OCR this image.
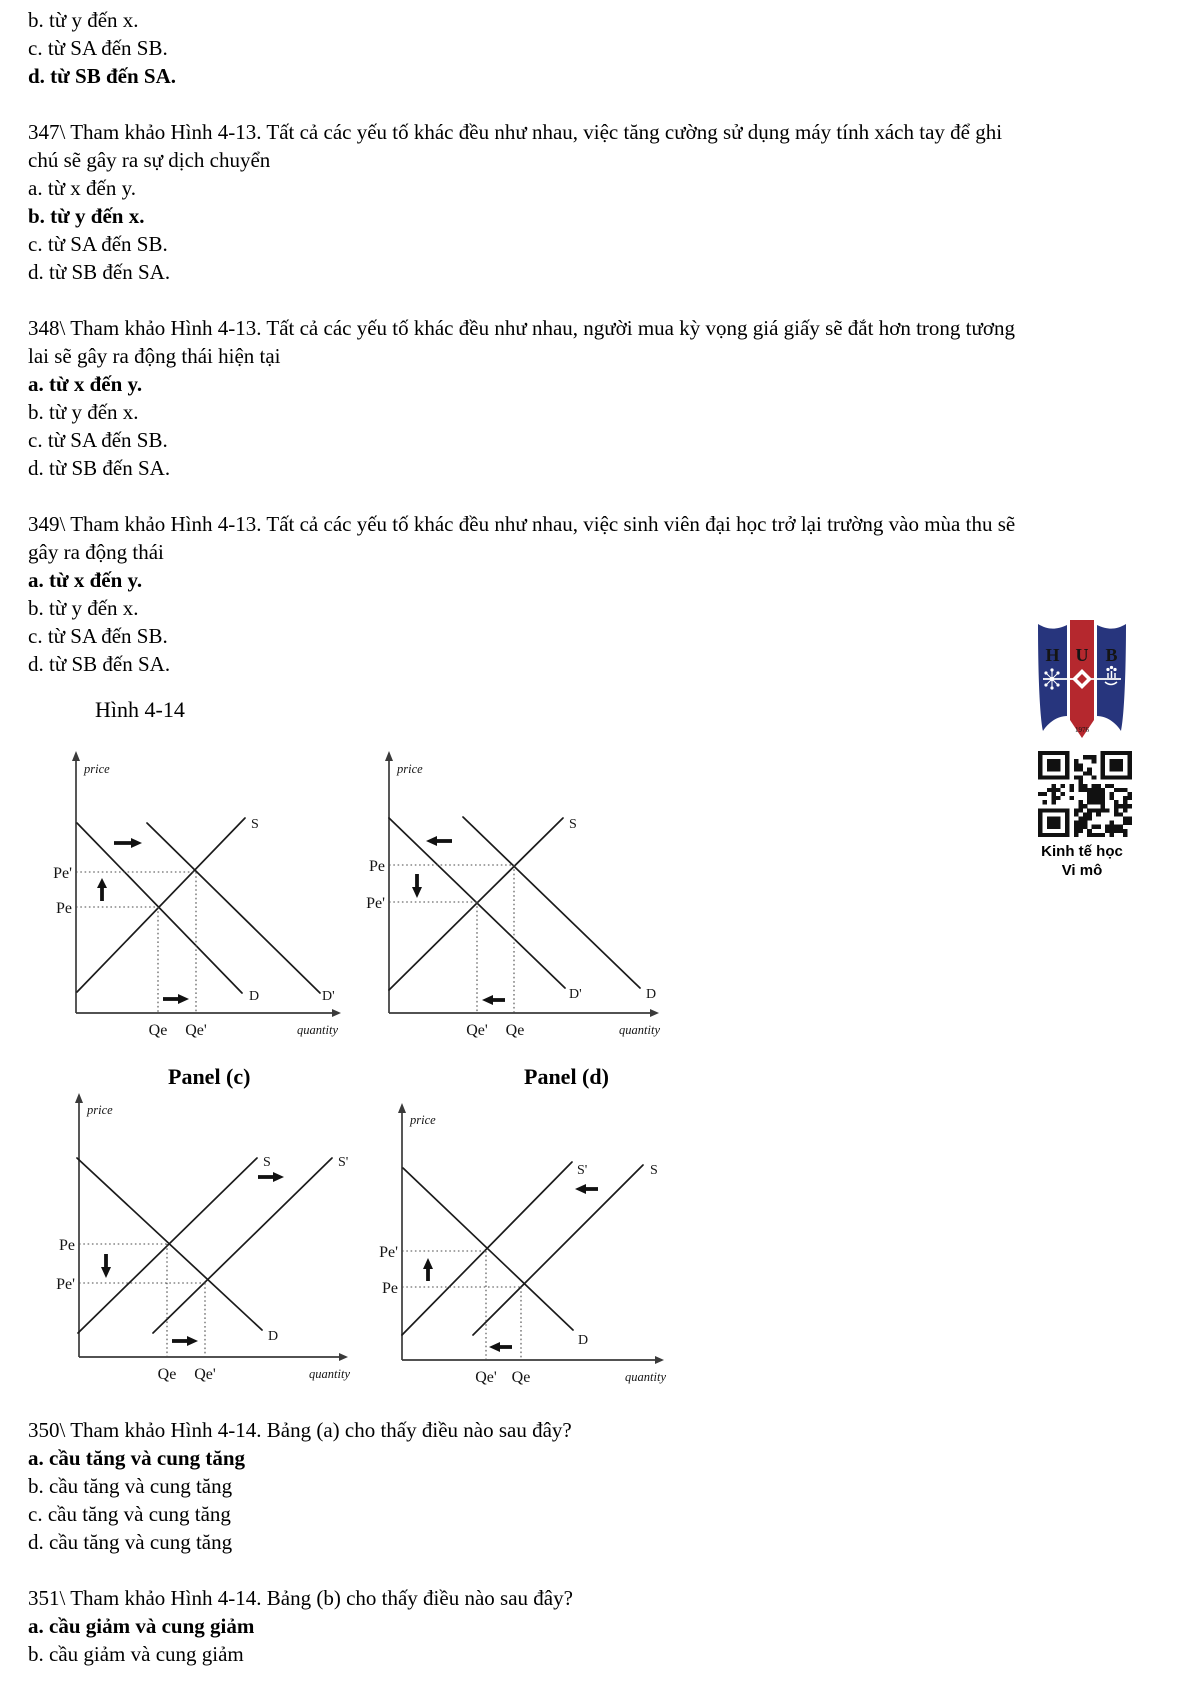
b. từ y đến x.
c. từ SA đến SB.
d. từ SB đến SA.
347\ Tham khảo Hình 4-13. Tất cả các yếu tố khác đều như nhau, việc tăng cường sử dụng máy tính xách tay để ghi
chú sẽ gây ra sự dịch chuyển
a. từ x đến y.
b. từ y đến x.
c. từ SA đến SB.
d. từ SB đến SA.
348\ Tham khảo Hình 4-13. Tất cả các yếu tố khác đều như nhau, người mua kỳ vọng giá giấy sẽ đắt hơn trong tương
lai sẽ gây ra động thái hiện tại
a. từ x đến y.
b. từ y đến x.
c. từ SA đến SB.
d. từ SB đến SA.
349\ Tham khảo Hình 4-13. Tất cả các yếu tố khác đều như nhau, việc sinh viên đại học trở lại trường vào mùa thu sẽ
gây ra động thái
a. từ x đến y.
b. từ y đến x.
c. từ SA đến SB.
d. từ SB đến SA.
Hình 4-14
Panel (c)	Panel (d)
price
quantity
S
D	D'
Pe'
Pe
Qe Qe'
price
quantity
S
D'	D
Pe
Pe'
Qe' Qe
price
quantity
S	S'
D
Pe
Pe'
Qe Qe'
price
quantity
S'	S
D
Pe'
Pe
Qe' Qe
H U B
1976
Kinh tế học
Vi mô
350\ Tham khảo Hình 4-14. Bảng (a) cho thấy điều nào sau đây?
a. cầu tăng và cung tăng
b. cầu tăng và cung tăng
c. cầu tăng và cung tăng
d. cầu tăng và cung tăng
351\ Tham khảo Hình 4-14. Bảng (b) cho thấy điều nào sau đây?
a. cầu giảm và cung giảm
b. cầu giảm và cung giảm
